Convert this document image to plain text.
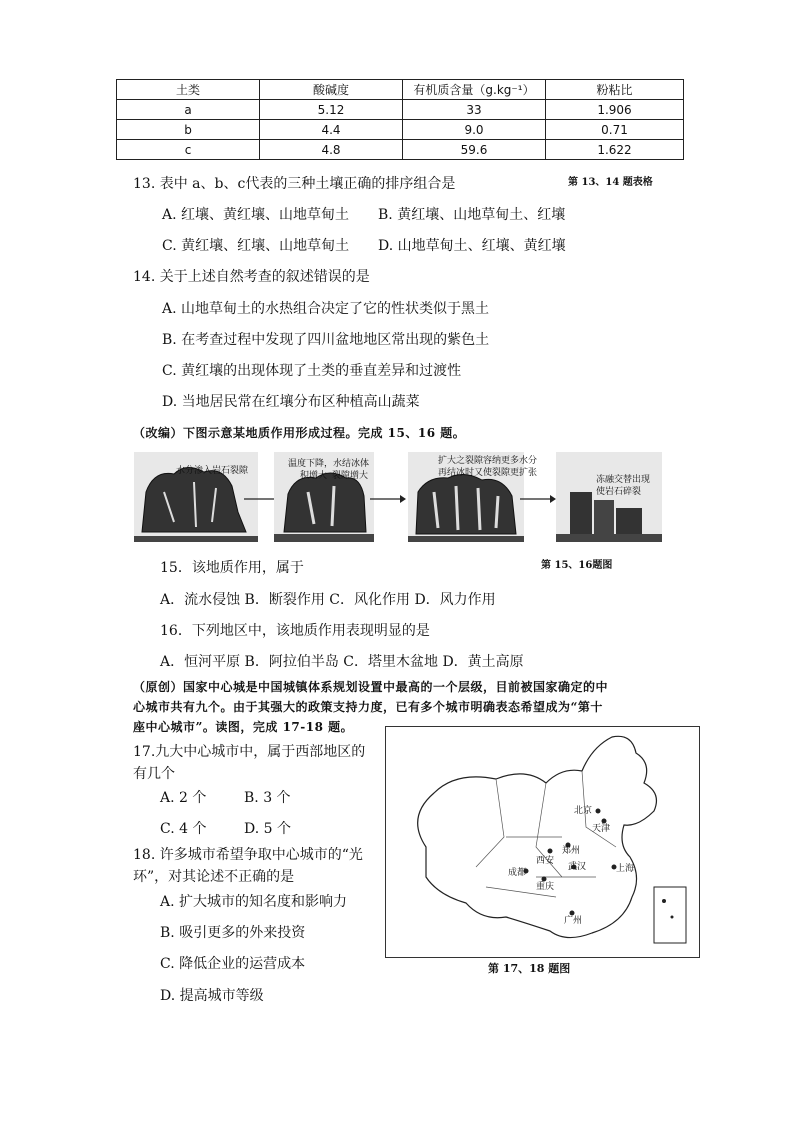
土类	酸碱度	有机质含量（g.kg⁻¹）	粉粘比
a	5.12	33	1.906
b	4.4	9.0	0.71
c	4.8	59.6	1.622
13. 表中 a、b、c代表的三种土壤正确的排序组合是	第 13、14 题表格
A. 红壤、黄红壤、山地草甸土 B. 黄红壤、山地草甸土、红壤
C. 黄红壤、红壤、山地草甸土 D. 山地草甸土、红壤、黄红壤
14. 关于上述自然考查的叙述错误的是
A. 山地草甸土的水热组合决定了它的性状类似于黑土
B. 在考查过程中发现了四川盆地地区常出现的紫色土
C. 黄红壤的出现体现了土类的垂直差异和过渡性
D. 当地居民常在红壤分布区种植高山蔬菜
（改编）下图示意某地质作用形成过程。完成 15、16 题。
水分渗入岩石裂隙
温度下降，水结冰体
积增大 裂隙增大
扩大之裂隙容纳更多水分
再结冰时又使裂隙更扩张
冻融交替出现
使岩石碎裂
15．该地质作用，属于	第 15、16题图
A．流水侵蚀 B．断裂作用 C．风化作用 D．风力作用
16．下列地区中，该地质作用表现明显的是
A．恒河平原 B．阿拉伯半岛 C．塔里木盆地 D．黄土高原
（原创）国家中心城是中国城镇体系规划设置中最高的一个层级，目前被国家确定的中
心城市共有九个。由于其强大的政策支持力度，已有多个城市明确表态希望成为“第十
座中心城市”。读图，完成 17-18 题。
17.九大中心城市中，属于西部地区的
有几个
A. 2 个	B. 3 个
C. 4 个	D. 5 个
18. 许多城市希望争取中心城市的“光
环”，对其论述不正确的是
A. 扩大城市的知名度和影响力
B. 吸引更多的外来投资
C. 降低企业的运营成本
D. 提高城市等级
北京
天津
西安
郑州
成都
重庆
武汉	上海
广州
第 17、18 题图
